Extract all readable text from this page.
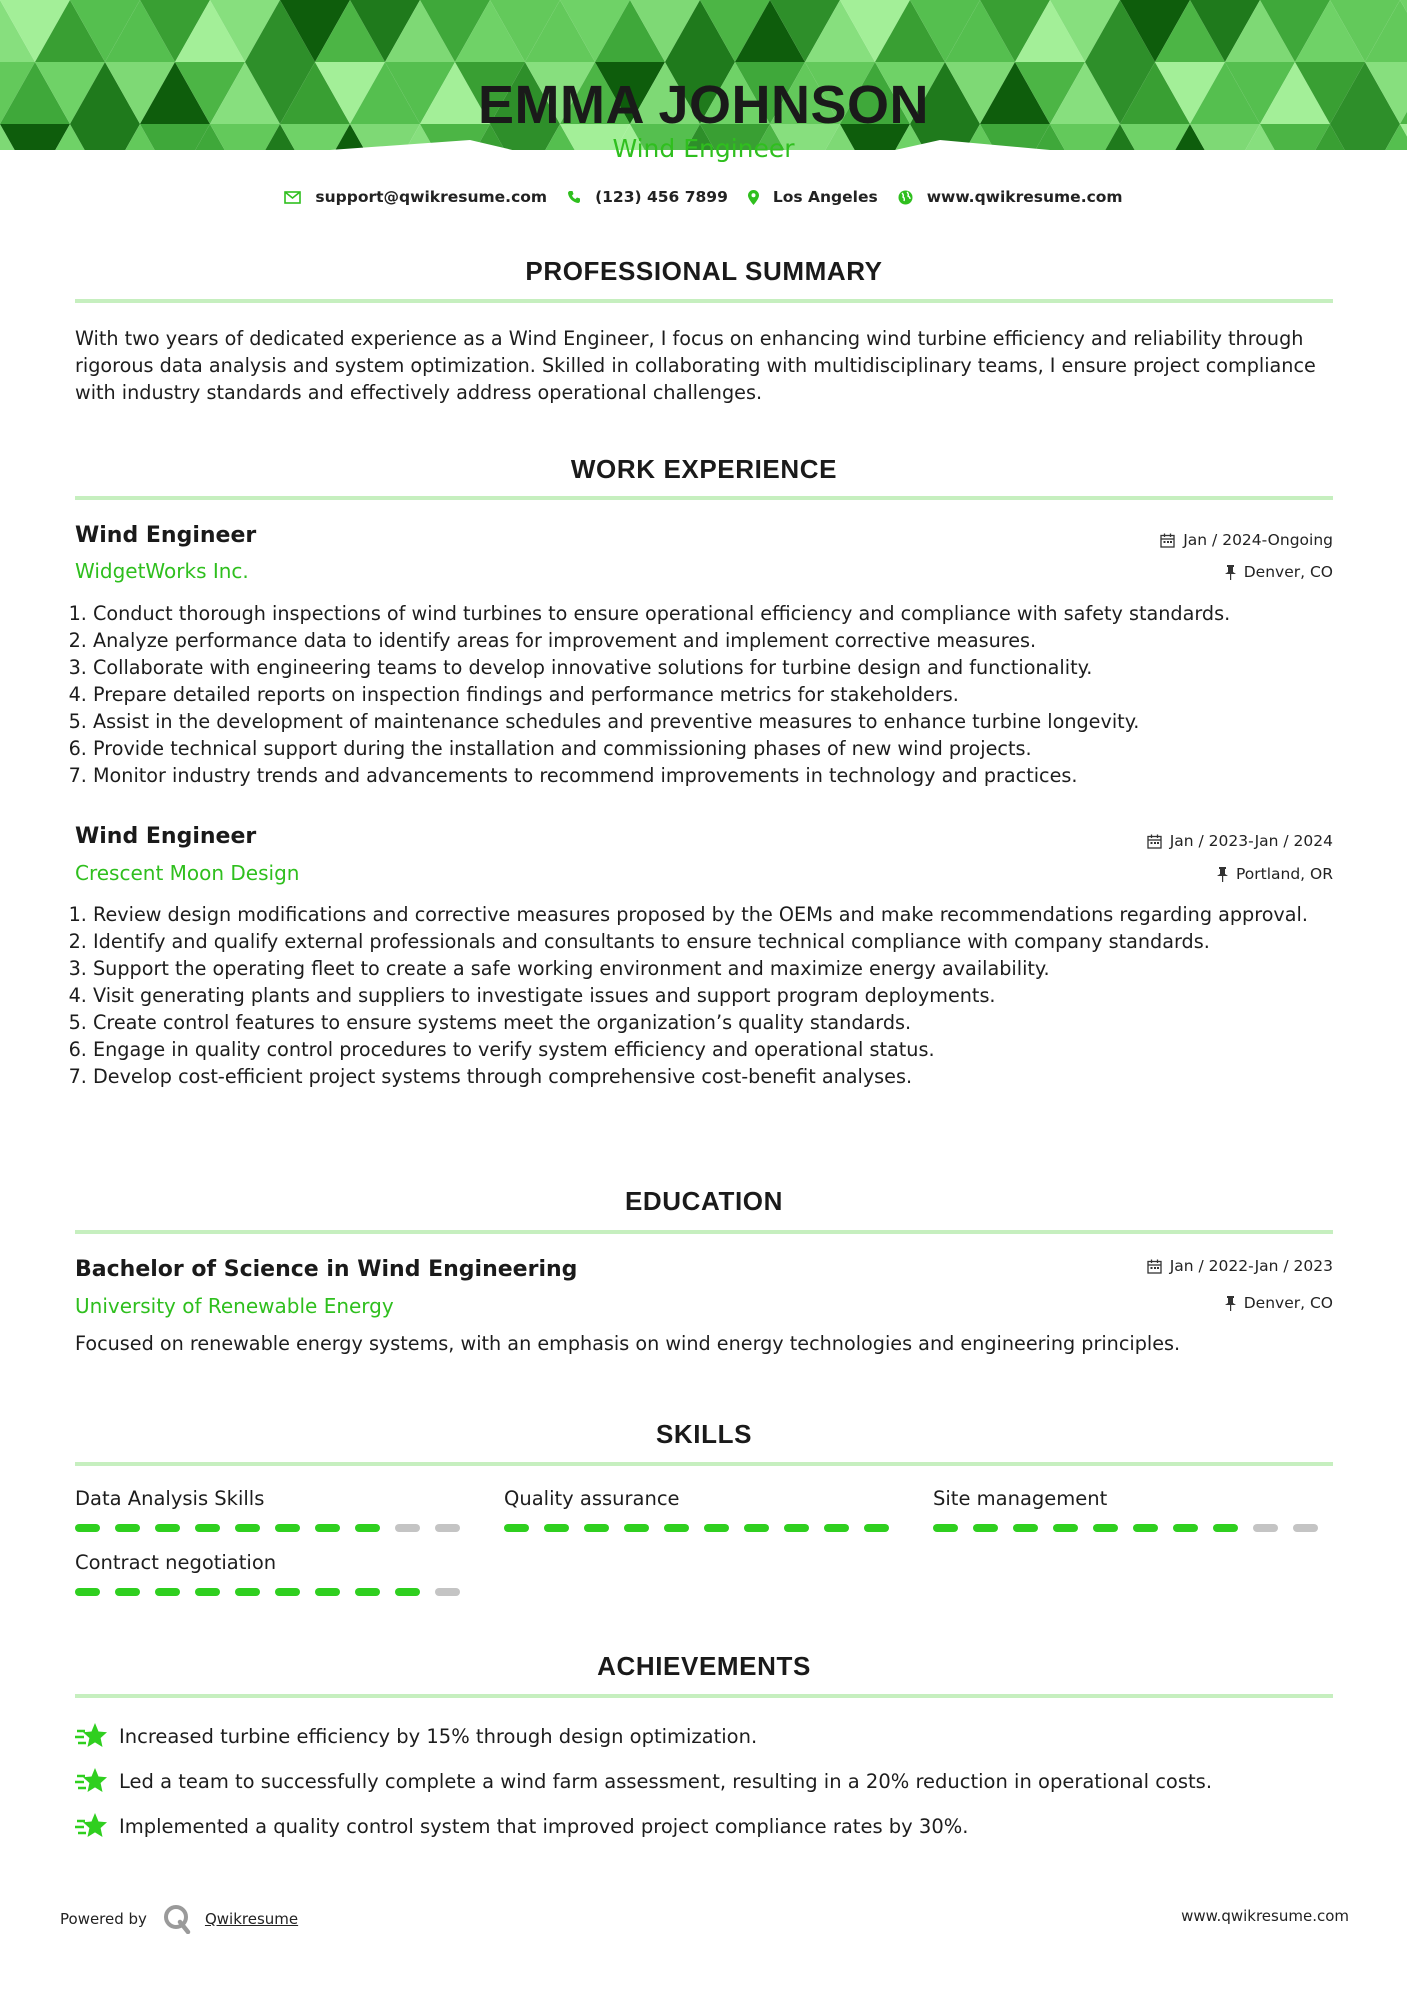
EMMA JOHNSON
Wind Engineer
support@qwikresume.com	(123) 456 7899	Los Angeles	www.qwikresume.com
PROFESSIONAL SUMMARY
With two years of dedicated experience as a Wind Engineer, I focus on enhancing wind turbine efficiency and reliability through rigorous data analysis and system optimization. Skilled in collaborating with multidisciplinary teams, I ensure project compliance with industry standards and effectively address operational challenges.
WORK EXPERIENCE
Wind Engineer
WidgetWorks Inc.
Jan / 2024-Ongoing
Denver, CO
1. Conduct thorough inspections of wind turbines to ensure operational efficiency and compliance with safety standards.
2. Analyze performance data to identify areas for improvement and implement corrective measures.
3. Collaborate with engineering teams to develop innovative solutions for turbine design and functionality.
4. Prepare detailed reports on inspection findings and performance metrics for stakeholders.
5. Assist in the development of maintenance schedules and preventive measures to enhance turbine longevity.
6. Provide technical support during the installation and commissioning phases of new wind projects.
7. Monitor industry trends and advancements to recommend improvements in technology and practices.
Wind Engineer
Crescent Moon Design
Jan / 2023-Jan / 2024
Portland, OR
1. Review design modifications and corrective measures proposed by the OEMs and make recommendations regarding approval.
2. Identify and qualify external professionals and consultants to ensure technical compliance with company standards.
3. Support the operating fleet to create a safe working environment and maximize energy availability.
4. Visit generating plants and suppliers to investigate issues and support program deployments.
5. Create control features to ensure systems meet the organization’s quality standards.
6. Engage in quality control procedures to verify system efficiency and operational status.
7. Develop cost-efficient project systems through comprehensive cost-benefit analyses.
EDUCATION
Bachelor of Science in Wind Engineering
University of Renewable Energy
Jan / 2022-Jan / 2023
Denver, CO
Focused on renewable energy systems, with an emphasis on wind energy technologies and engineering principles.
SKILLS
Data Analysis Skills	Quality assurance	Site management
Contract negotiation
ACHIEVEMENTS
Increased turbine efficiency by 15% through design optimization.
Led a team to successfully complete a wind farm assessment, resulting in a 20% reduction in operational costs.
Implemented a quality control system that improved project compliance rates by 30%.
Powered by	Qwikresume	www.qwikresume.com
